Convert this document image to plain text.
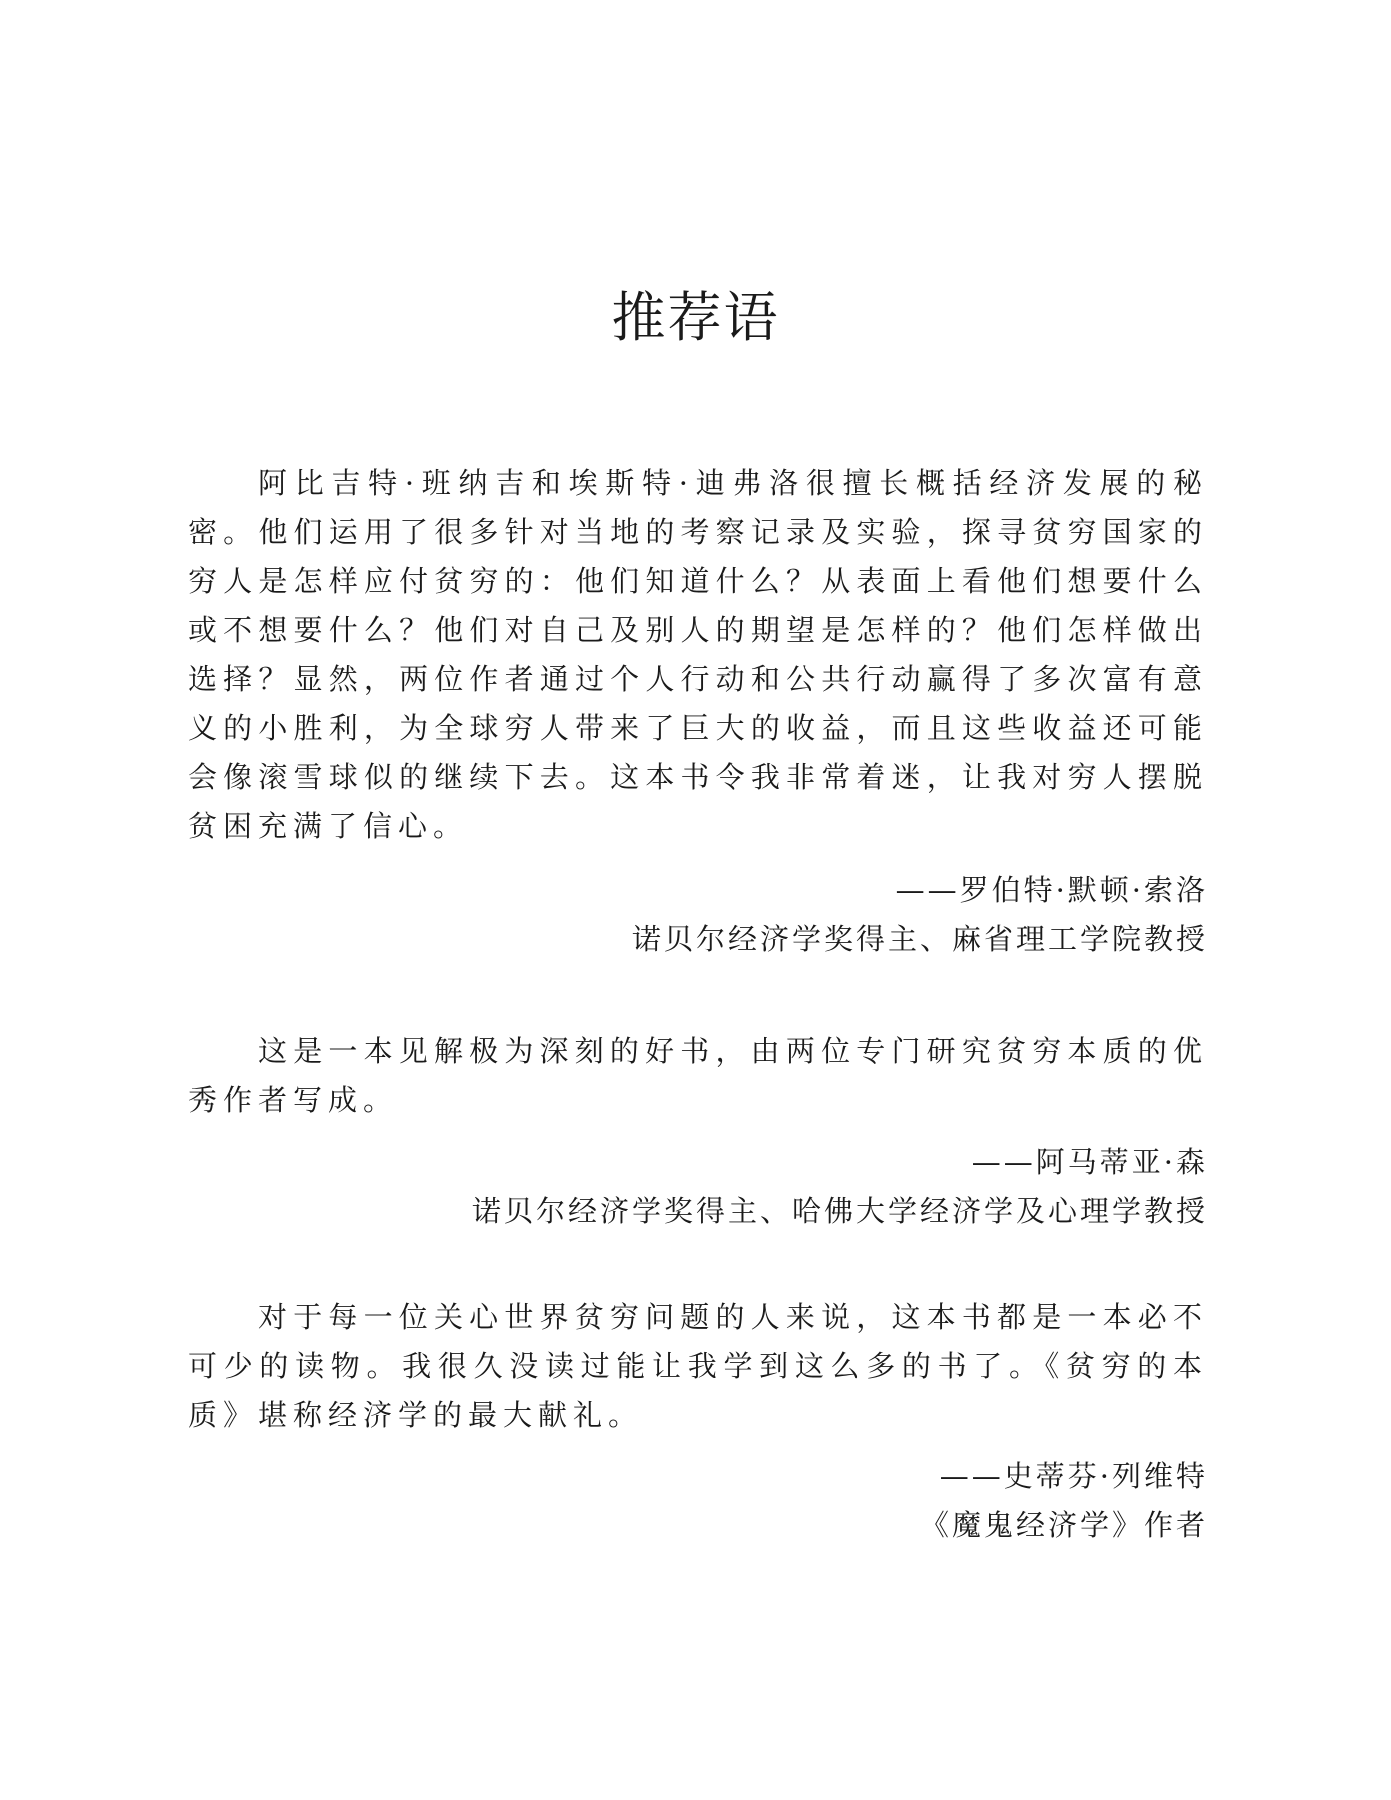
推荐语

阿比吉特·班纳吉和埃斯特·迪弗洛很擅长概括经济发展的秘密。他们运用了很多针对当地的考察记录及实验，探寻贫穷国家的穷人是怎样应付贫穷的：他们知道什么？从表面上看他们想要什么或不想要什么？他们对自己及别人的期望是怎样的？他们怎样做出选择？显然，两位作者通过个人行动和公共行动赢得了多次富有意义的小胜利，为全球穷人带来了巨大的收益，而且这些收益还可能会像滚雪球似的继续下去。这本书令我非常着迷，让我对穷人摆脱贫困充满了信心。

——罗伯特·默顿·索洛

诺贝尔经济学奖得主、麻省理工学院教授

这是一本见解极为深刻的好书，由两位专门研究贫穷本质的优秀作者写成。

——阿马蒂亚·森

诺贝尔经济学奖得主、哈佛大学经济学及心理学教授

对于每一位关心世界贫穷问题的人来说，这本书都是一本必不可少的读物。我很久没读过能让我学到这么多的书了。《贫穷的本质》堪称经济学的最大献礼。

——史蒂芬·列维特

《魔鬼经济学》作者
